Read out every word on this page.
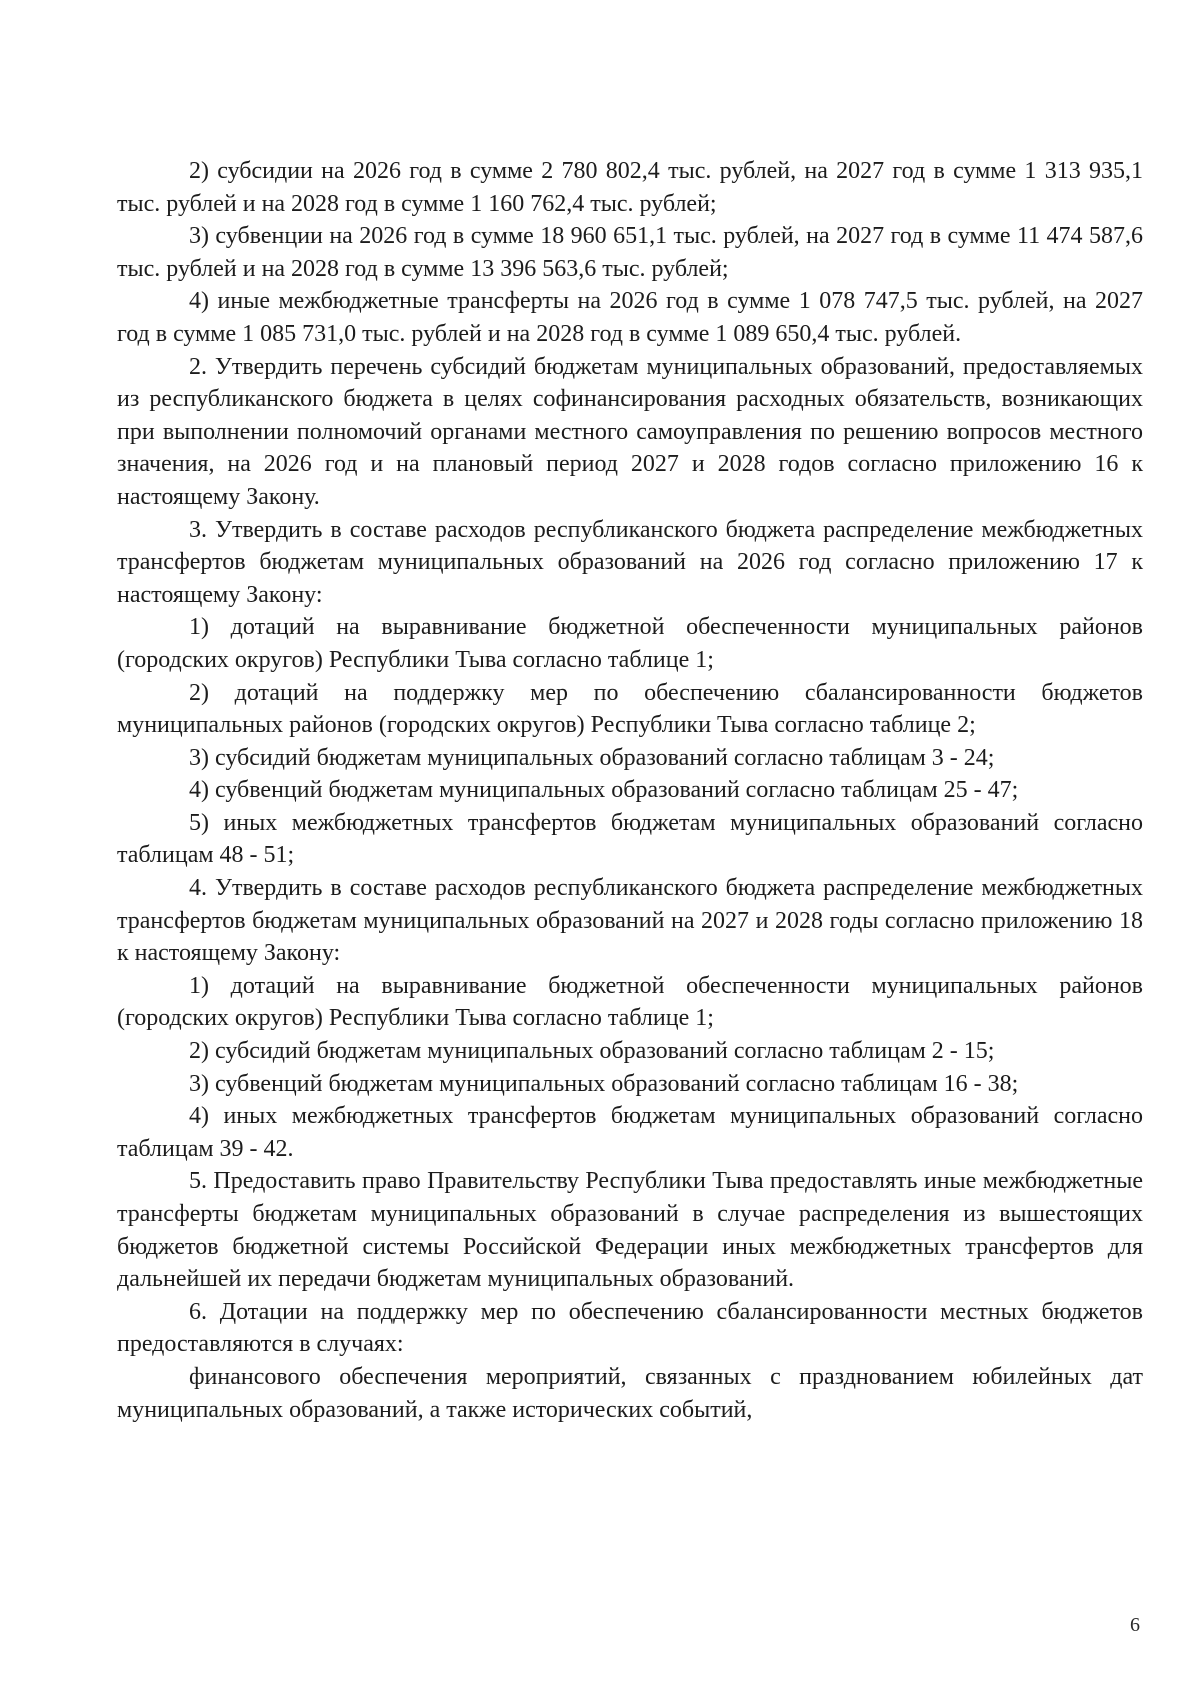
2) субсидии на 2026 год в сумме 2 780 802,4 тыс. рублей, на 2027 год в сумме 1 313 935,1 тыс. рублей и на 2028 год в сумме 1 160 762,4 тыс. рублей;

3) субвенции на 2026 год в сумме 18 960 651,1 тыс. рублей, на 2027 год в сумме 11 474 587,6 тыс. рублей и на 2028 год в сумме 13 396 563,6 тыс. рублей;

4) иные межбюджетные трансферты на 2026 год в сумме 1 078 747,5 тыс. рублей, на 2027 год в сумме 1 085 731,0 тыс. рублей и на 2028 год в сумме 1 089 650,4 тыс. рублей.

2. Утвердить перечень субсидий бюджетам муниципальных образований, предоставляемых из республиканского бюджета в целях софинансирования расходных обязательств, возникающих при выполнении полномочий органами местного самоуправления по решению вопросов местного значения, на 2026 год и на плановый период 2027 и 2028 годов согласно приложению 16 к настоящему Закону.

3. Утвердить в составе расходов республиканского бюджета распределение межбюджетных трансфертов бюджетам муниципальных образований на 2026 год согласно приложению 17 к настоящему Закону:

1) дотаций на выравнивание бюджетной обеспеченности муниципальных районов (городских округов) Республики Тыва согласно таблице 1;

2) дотаций на поддержку мер по обеспечению сбалансированности бюджетов муниципальных районов (городских округов) Республики Тыва согласно таблице 2;

3) субсидий бюджетам муниципальных образований согласно таблицам 3 - 24;

4) субвенций бюджетам муниципальных образований согласно таблицам 25 - 47;

5) иных межбюджетных трансфертов бюджетам муниципальных образований согласно таблицам 48 - 51;

4. Утвердить в составе расходов республиканского бюджета распределение межбюджетных трансфертов бюджетам муниципальных образований на 2027 и 2028 годы согласно приложению 18 к настоящему Закону:

1) дотаций на выравнивание бюджетной обеспеченности муниципальных районов (городских округов) Республики Тыва согласно таблице 1;

2) субсидий бюджетам муниципальных образований согласно таблицам 2 - 15;

3) субвенций бюджетам муниципальных образований согласно таблицам 16 - 38;

4) иных межбюджетных трансфертов бюджетам муниципальных образований согласно таблицам 39 - 42.

5. Предоставить право Правительству Республики Тыва предоставлять иные межбюджетные трансферты бюджетам муниципальных образований в случае распределения из вышестоящих бюджетов бюджетной системы Российской Федерации иных межбюджетных трансфертов для дальнейшей их передачи бюджетам муниципальных образований.

6. Дотации на поддержку мер по обеспечению сбалансированности местных бюджетов предоставляются в случаях:

финансового обеспечения мероприятий, связанных с празднованием юбилейных дат муниципальных образований, а также исторических событий,

6
